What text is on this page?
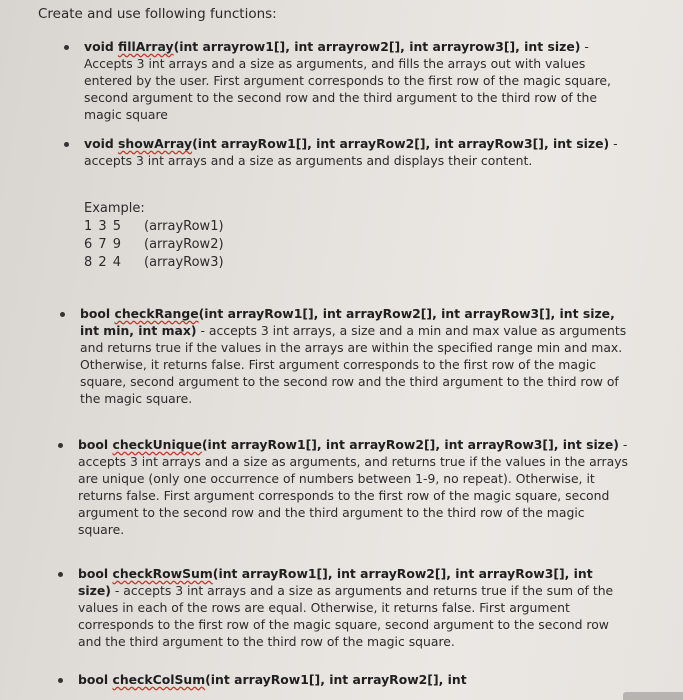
Create and use following functions:
void fillArray(int arrayrow1[], int arrayrow2[], int arrayrow3[], int size) - Accepts 3 int arrays and a size as arguments, and fills the arrays out with values entered by the user. First argument corresponds to the first row of the magic square, second argument to the second row and the third argument to the third row of the magic square
void showArray(int arrayRow1[], int arrayRow2[], int arrayRow3[], int size) - accepts 3 int arrays and a size as arguments and displays their content.
Example:
1 3 5 (arrayRow1)
6 7 9 (arrayRow2)
8 2 4 (arrayRow3)
bool checkRange(int arrayRow1[], int arrayRow2[], int arrayRow3[], int size, int min, int max) - accepts 3 int arrays, a size and a min and max value as arguments and returns true if the values in the arrays are within the specified range min and max. Otherwise, it returns false. First argument corresponds to the first row of the magic square, second argument to the second row and the third argument to the third row of the magic square.
bool checkUnique(int arrayRow1[], int arrayRow2[], int arrayRow3[], int size) - accepts 3 int arrays and a size as arguments, and returns true if the values in the arrays are unique (only one occurrence of numbers between 1-9, no repeat). Otherwise, it returns false. First argument corresponds to the first row of the magic square, second argument to the second row and the third argument to the third row of the magic square.
bool checkRowSum(int arrayRow1[], int arrayRow2[], int arrayRow3[], int size) - accepts 3 int arrays and a size as arguments and returns true if the sum of the values in each of the rows are equal. Otherwise, it returns false. First argument corresponds to the first row of the magic square, second argument to the second row and the third argument to the third row of the magic square.
bool checkColSum(int arrayRow1[], int arrayRow2[], int
